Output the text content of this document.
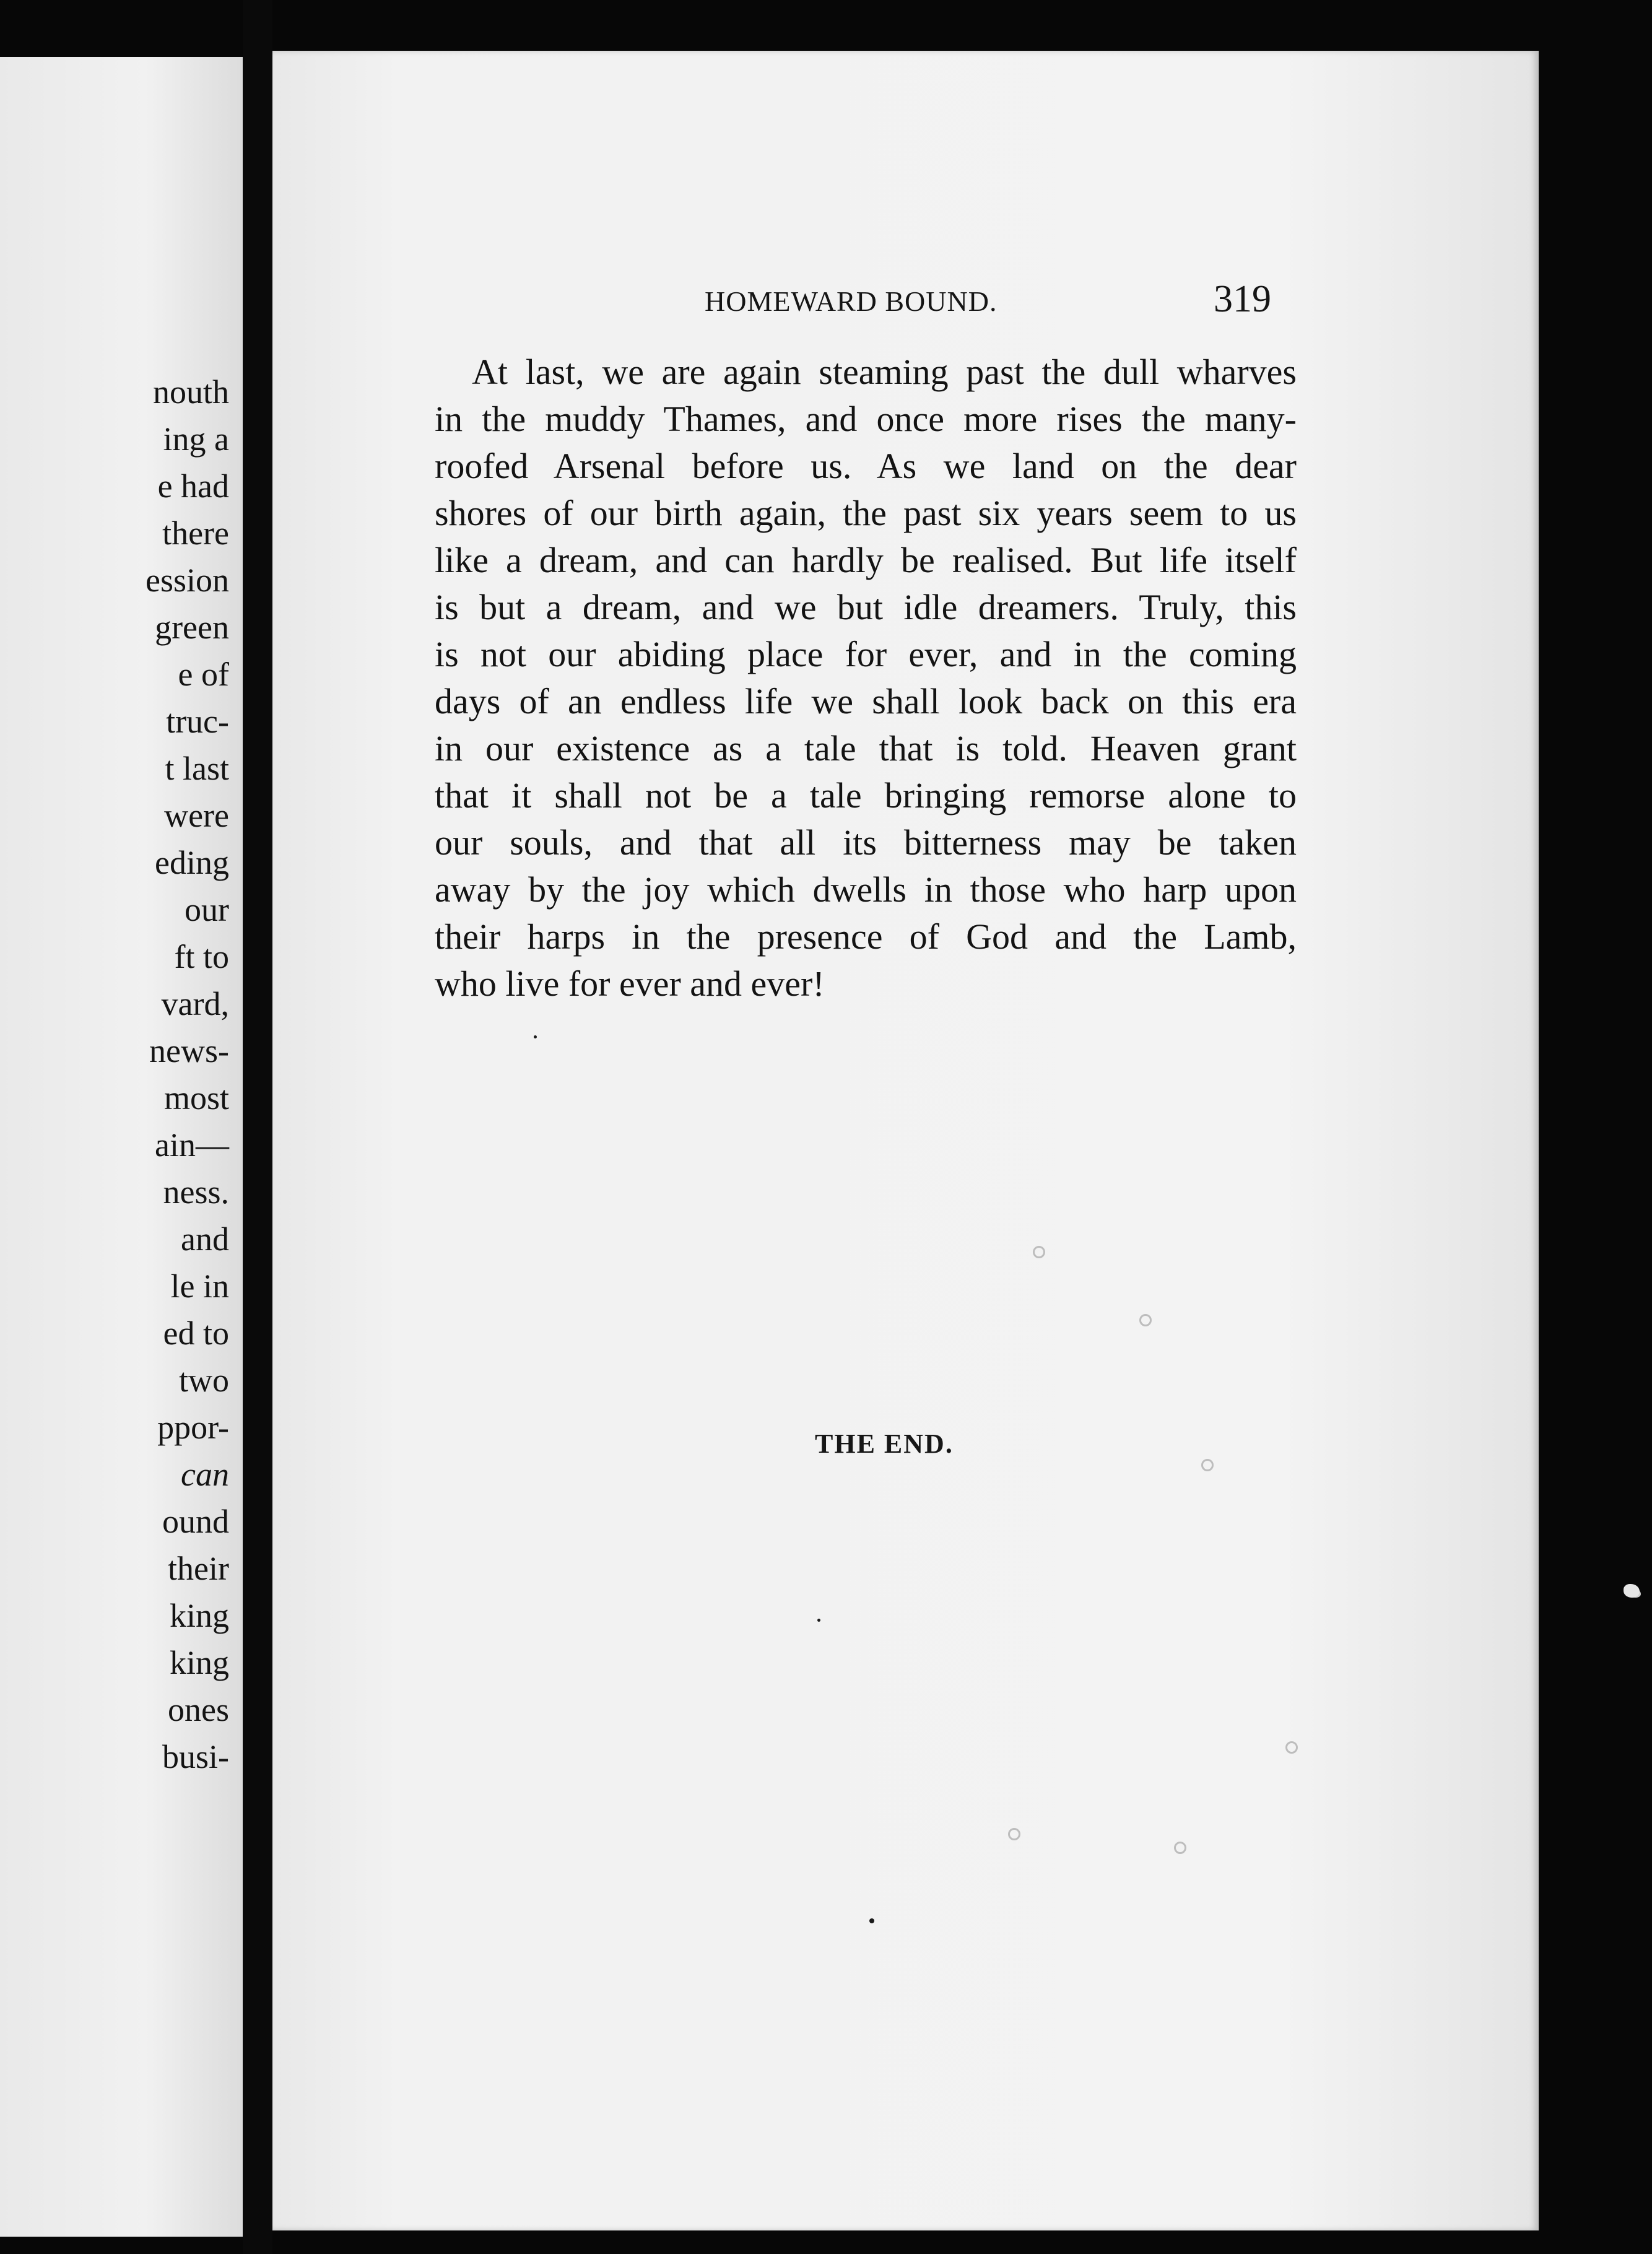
nouth
ing a
e had
there
ession
green
e of
truc-
t last
were
eding
our
ft to
vard,
news-
most
ain—
ness.
and
le in
ed to
two
ppor-
can
ound
their
king
king
ones
busi-
HOMEWARD BOUND.	319
At last, we are again steaming past the dull wharves
in the muddy Thames, and once more rises the many-
roofed Arsenal before us. As we land on the dear
shores of our birth again, the past six years seem to us
like a dream, and can hardly be realised. But life itself
is but a dream, and we but idle dreamers. Truly, this
is not our abiding place for ever, and in the coming
days of an endless life we shall look back on this era
in our existence as a tale that is told. Heaven grant
that it shall not be a tale bringing remorse alone to
our souls, and that all its bitterness may be taken
away by the joy which dwells in those who harp upon
their harps in the presence of God and the Lamb,
who live for ever and ever!
THE END.
